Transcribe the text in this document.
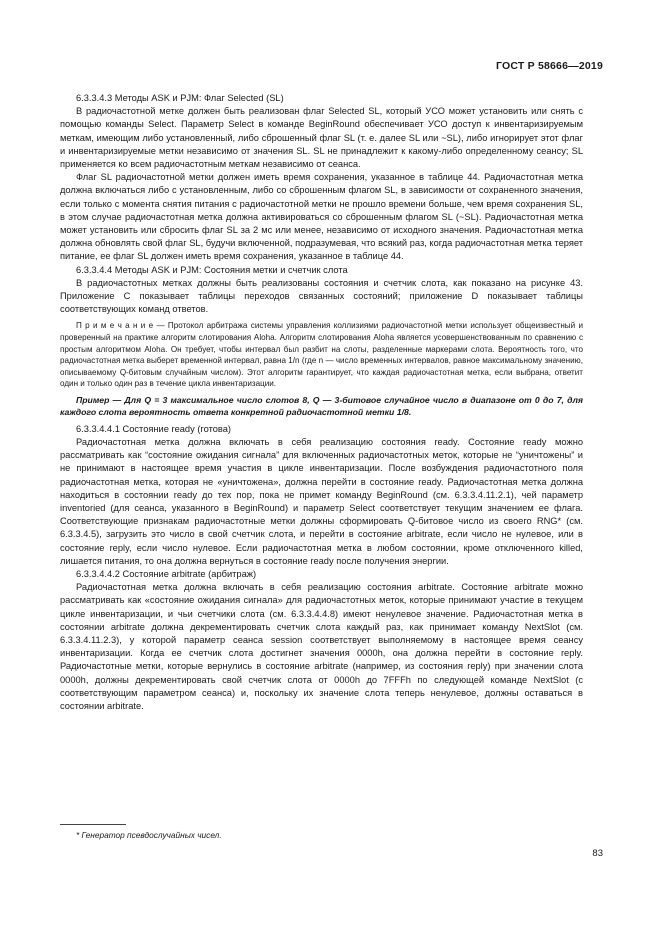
ГОСТ Р 58666—2019

6.3.3.4.3 Методы ASK и PJM: Флаг Selected (SL)

В радиочастотной метке должен быть реализован флаг Selected SL, который УСО может установить или снять с помощью команды Select. Параметр Select в команде BeginRound обеспечивает УСО доступ к инвентаризируемым меткам, имеющим либо установленный, либо сброшенный флаг SL (т. е. далее SL или ~SL), либо игнорирует этот флаг и инвентаризируемые метки независимо от значения SL. SL не принадлежит к какому-либо определенному сеансу; SL применяется ко всем радиочастотным меткам независимо от сеанса.

Флаг SL радиочастотной метки должен иметь время сохранения, указанное в таблице 44. Радиочастотная метка должна включаться либо с установленным, либо со сброшенным флагом SL, в зависимости от сохраненного значения, если только с момента снятия питания с радиочастотной метки не прошло времени больше, чем время сохранения SL, в этом случае радиочастотная метка должна активироваться со сброшенным флагом SL (~SL). Радиочастотная метка может установить или сбросить флаг SL за 2 мс или менее, независимо от исходного значения. Радиочастотная метка должна обновлять свой флаг SL, будучи включенной, подразумевая, что всякий раз, когда радиочастотная метка теряет питание, ее флаг SL должен иметь время сохранения, указанное в таблице 44.

6.3.3.4.4 Методы ASK и PJM: Состояния метки и счетчик слота

В радиочастотных метках должны быть реализованы состояния и счетчик слота, как показано на рисунке 43. Приложение C показывает таблицы переходов связанных состояний; приложение D показывает таблицы соответствующих команд ответов.

П р и м е ч а н и е — Протокол арбитража системы управления коллизиями радиочастотной метки использует общеизвестный и проверенный на практике алгоритм слотирования Aloha. Алгоритм слотирования Aloha является усовершенствованным по сравнению с простым алгоритмом Aloha. Он требует, чтобы интервал был разбит на слоты, разделенные маркерами слота. Вероятность того, что радиочастотная метка выберет временной интервал, равна 1/n (где n — число временных интервалов, равное максимальному значению, описываемому Q-битовым случайным числом). Этот алгоритм гарантирует, что каждая радиочастотная метка, если выбрана, ответит один и только один раз в течение цикла инвентаризации.

Пример — Для Q = 3 максимальное число слотов 8, Q — 3-битовое случайное число в диапазоне от 0 до 7, для каждого слота вероятность ответа конкретной радиочастотной метки 1/8.

6.3.3.4.4.1 Состояние ready (готова)

Радиочастотная метка должна включать в себя реализацию состояния ready. Состояние ready можно рассматривать как “состояние ожидания сигнала” для включенных радиочастотных меток, которые не “уничтожены” и не принимают в настоящее время участия в цикле инвентаризации. После возбуждения радиочастотного поля радиочастотная метка, которая не «уничтожена», должна перейти в состояние ready. Радиочастотная метка должна находиться в состоянии ready до тех пор, пока не примет команду BeginRound (см. 6.3.3.4.11.2.1), чей параметр inventoried (для сеанса, указанного в BeginRound) и параметр Select соответствует текущим значением ее флага. Соответствующие признакам радиочастотные метки должны сформировать Q-битовое число из своего RNG* (см. 6.3.3.4.5), загрузить это число в свой счетчик слота, и перейти в состояние arbitrate, если число не нулевое, или в состояние reply, если число нулевое. Если радиочастотная метка в любом состоянии, кроме отключенного killed, лишается питания, то она должна вернуться в состояние ready после получения энергии.

6.3.3.4.4.2 Состояние arbitrate (арбитраж)

Радиочастотная метка должна включать в себя реализацию состояния arbitrate. Состояние arbitrate можно рассматривать как «состояние ожидания сигнала» для радиочастотных меток, которые принимают участие в текущем цикле инвентаризации, и чьи счетчики слота (см. 6.3.3.4.4.8) имеют ненулевое значение. Радиочастотная метка в состоянии arbitrate должна декрементировать счетчик слота каждый раз, как принимает команду NextSlot (см. 6.3.3.4.11.2.3), у которой параметр сеанса session соответствует выполняемому в настоящее время сеансу инвентаризации. Когда ее счетчик слота достигнет значения 0000h, она должна перейти в состояние reply. Радиочастотные метки, которые вернулись в состояние arbitrate (например, из состояния reply) при значении слота 0000h, должны декрементировать свой счетчик слота от 0000h до 7FFFh по следующей команде NextSlot (с соответствующим параметром сеанса) и, поскольку их значение слота теперь ненулевое, должны оставаться в состоянии arbitrate.

* Генератор псевдослучайных чисел.
83
